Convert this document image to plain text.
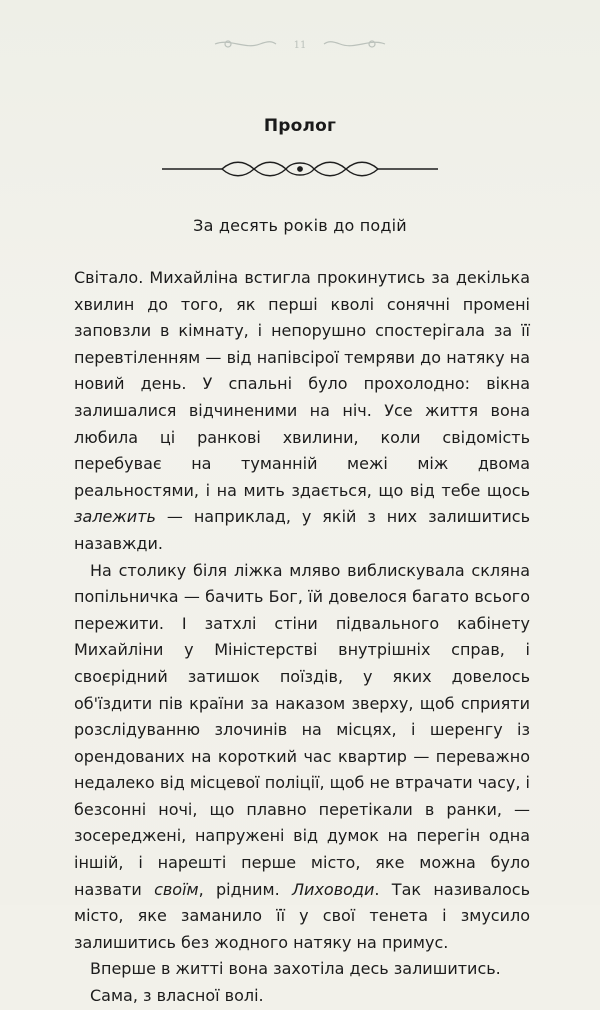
11
Пролог
За десять років до подій

Світало. Михайліна встигла прокинутись за декілька хвилин до того, як перші кволі сонячні промені заповзли в кімнату, і непорушно спостерігала за її перевтіленням — від напівсірої темряви до натяку на новий день. У спальні було прохолодно: вікна залишалися відчиненими на ніч. Усе життя вона любила ці ранкові хвилини, коли свідомість перебуває на туманній межі між двома реальностями, і на мить здається, що від тебе щось залежить — наприклад, у якій з них залишитись назавжди.

На столику біля ліжка мляво виблискувала скляна попільничка — бачить Бог, їй довелося багато всього пережити. І затхлі стіни підвального кабінету Михайліни у Міністерстві внутрішніх справ, і своєрідний затишок поїздів, у яких довелось об'їздити пів країни за наказом зверху, щоб сприяти розслідуванню злочинів на місцях, і шеренгу із орендованих на короткий час квартир — переважно недалеко від місцевої поліції, щоб не втрачати часу, і безсонні ночі, що плавно перетікали в ранки, — зосереджені, напружені від думок на перегін одна іншій, і нарешті перше місто, яке можна було назвати своїм, рідним. Лиховоди. Так називалось місто, яке заманило її у свої тенета і змусило залишитись без жодного натяку на примус.

Вперше в житті вона захотіла десь залишитись.

Сама, з власної волі.
